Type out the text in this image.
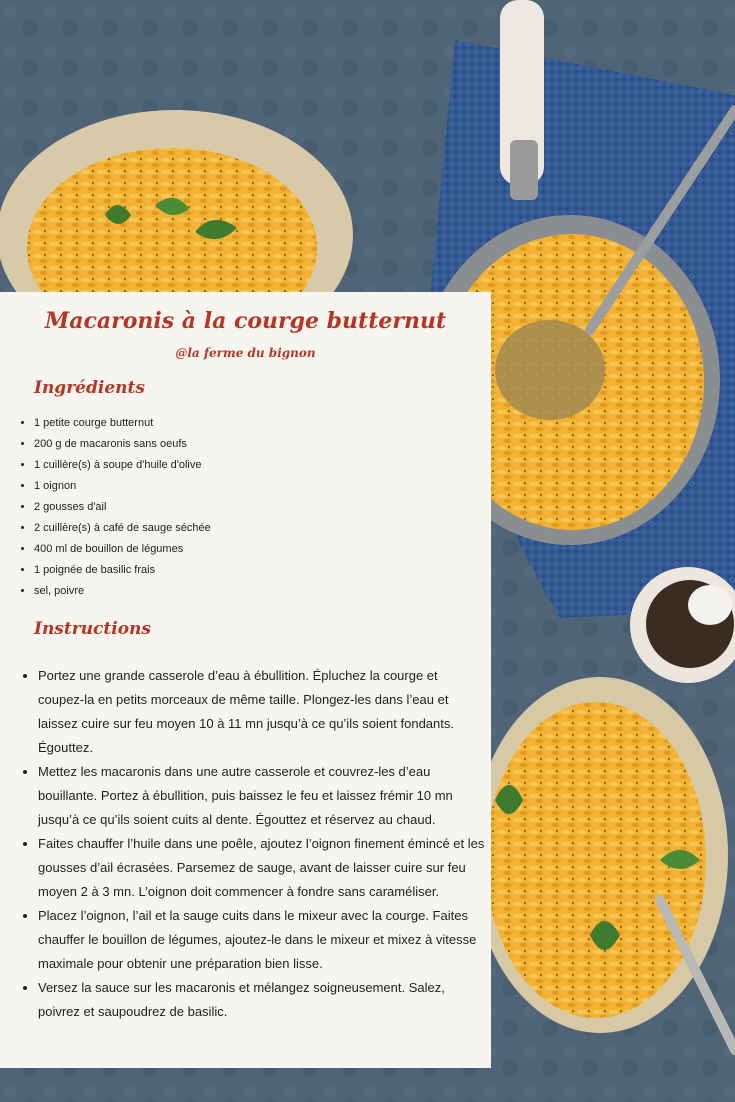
Macaronis à la courge butternut
@la ferme du bignon
Ingrédients
• 1 petite courge butternut
• 200 g de macaronis sans oeufs
• 1 cuillère(s) à soupe d'huile d'olive
• 1 oignon
• 2 gousses d'ail
• 2 cuillère(s) à café de sauge séchée
• 400 ml de bouillon de légumes
• 1 poignée de basilic frais
• sel, poivre
Instructions
• Portez une grande casserole d’eau à ébullition. Épluchez la courge et coupez-la en petits morceaux de même taille. Plongez-les dans l’eau et laissez cuire sur feu moyen 10 à 11 mn jusqu’à ce qu’ils soient fondants. Égouttez.
• Mettez les macaronis dans une autre casserole et couvrez-les d’eau bouillante. Portez à ébullition, puis baissez le feu et laissez frémir 10 mn jusqu’à ce qu’ils soient cuits al dente. Égouttez et réservez au chaud.
• Faites chauffer l’huile dans une poêle, ajoutez l’oignon finement émincé et les gousses d’ail écrasées. Parsemez de sauge, avant de laisser cuire sur feu moyen 2 à 3 mn. L’oignon doit commencer à fondre sans caraméliser.
• Placez l’oignon, l’ail et la sauge cuits dans le mixeur avec la courge. Faites chauffer le bouillon de légumes, ajoutez-le dans le mixeur et mixez à vitesse maximale pour obtenir une préparation bien lisse.
• Versez la sauce sur les macaronis et mélangez soigneusement. Salez, poivrez et saupoudrez de basilic.
